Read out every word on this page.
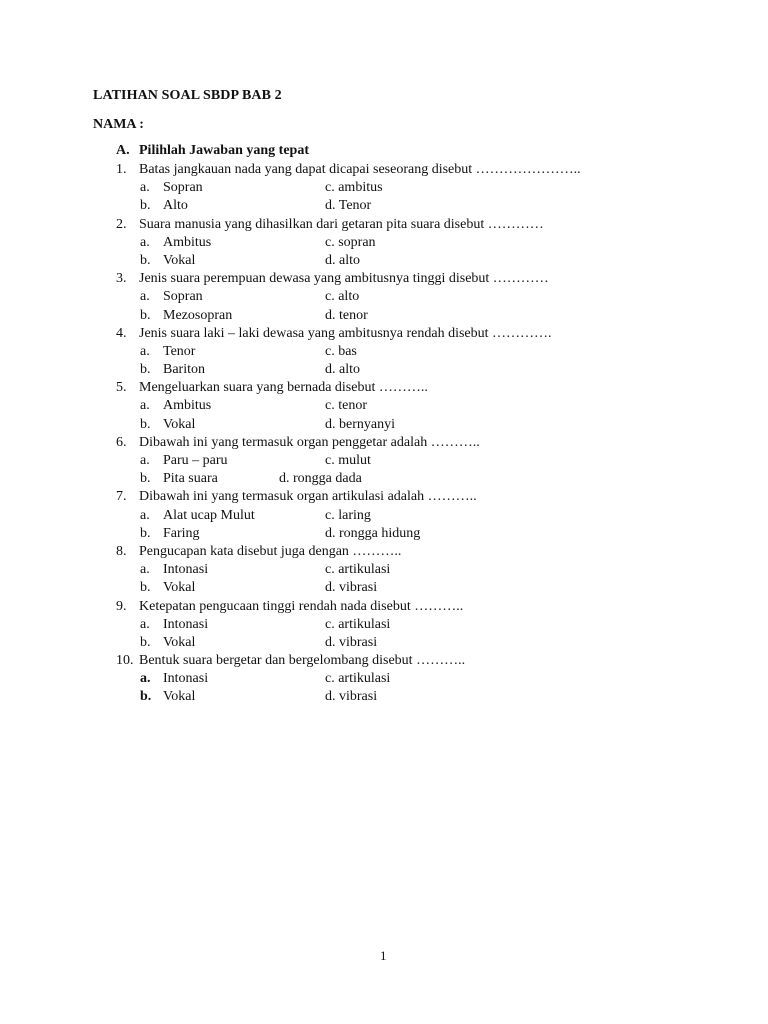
LATIHAN SOAL SBDP BAB 2
NAMA :
A. Pilihlah Jawaban yang tepat
1. Batas jangkauan nada yang dapat dicapai seseorang disebut …………………..
a. Sopran	c. ambitus
b. Alto	d. Tenor
2. Suara manusia yang dihasilkan dari getaran pita suara disebut …………
a. Ambitus	c. sopran
b. Vokal	d. alto
3. Jenis suara perempuan dewasa yang ambitusnya tinggi disebut …………
a. Sopran	c. alto
b. Mezosopran	d. tenor
4. Jenis suara laki – laki dewasa yang ambitusnya rendah disebut ………….
a. Tenor	c. bas
b. Bariton	d. alto
5. Mengeluarkan suara yang bernada disebut ………..
a. Ambitus	c. tenor
b. Vokal	d. bernyanyi
6. Dibawah ini yang termasuk organ penggetar adalah ………..
a. Paru – paru	c. mulut
b. Pita suara	d. rongga dada
7. Dibawah ini yang termasuk organ artikulasi adalah ………..
a. Alat ucap Mulut	c. laring
b. Faring	d. rongga hidung
8. Pengucapan kata disebut juga dengan ………..
a. Intonasi	c. artikulasi
b. Vokal	d. vibrasi
9. Ketepatan pengucaan tinggi rendah nada disebut ………..
a. Intonasi	c. artikulasi
b. Vokal	d. vibrasi
10. Bentuk suara bergetar dan bergelombang disebut ………..
a. Intonasi	c. artikulasi
b. Vokal	d. vibrasi
1
